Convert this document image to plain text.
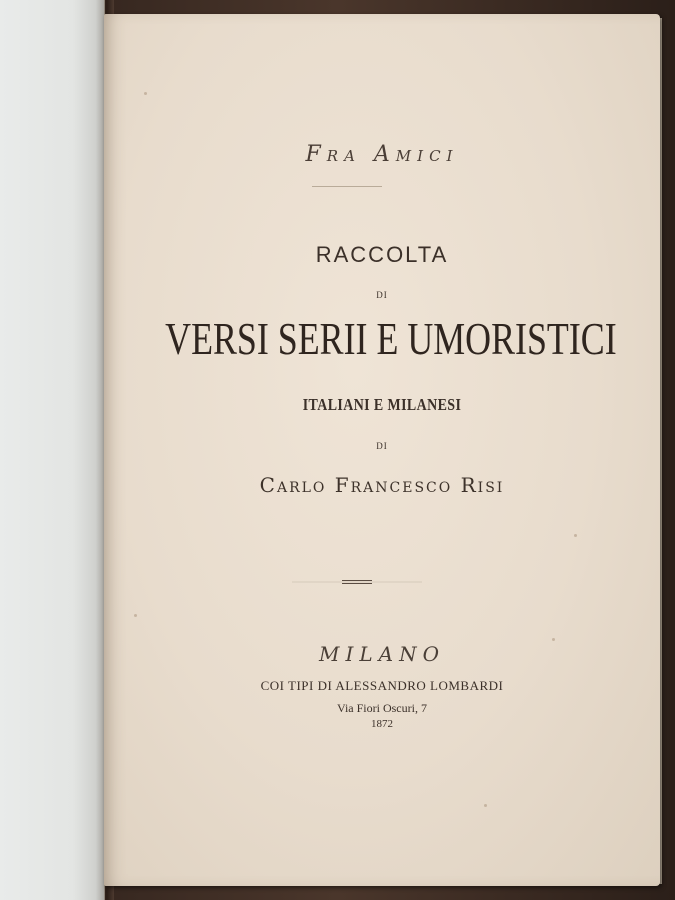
Fra Amici
RACCOLTA
DI
VERSI SERII E UMORISTICI
ITALIANI E MILANESI
DI
Carlo Francesco Risi
MILANO
COI TIPI DI ALESSANDRO LOMBARDI
Via Fiori Oscuri, 7
1872
